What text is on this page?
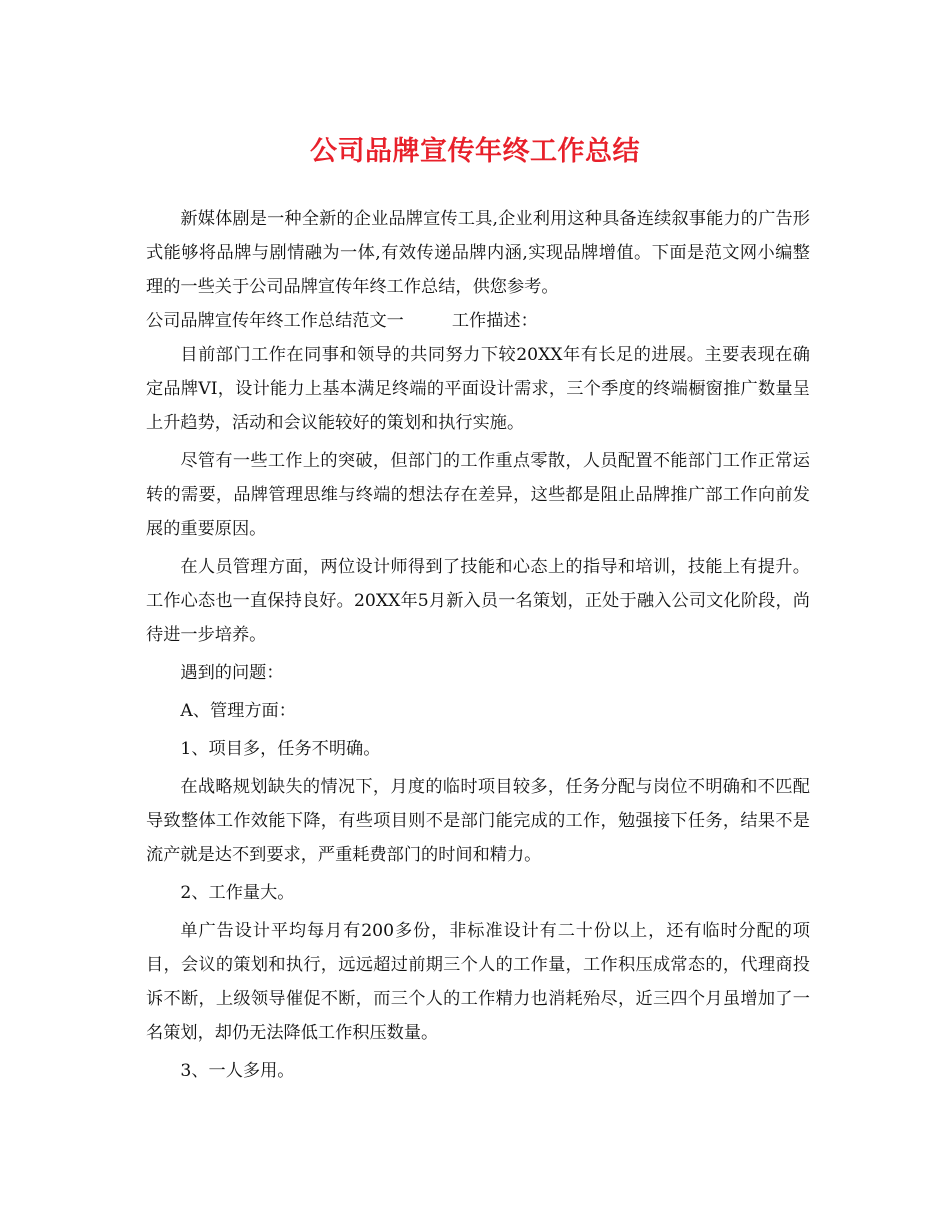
公司品牌宣传年终工作总结

新媒体剧是一种全新的企业品牌宣传工具,企业利用这种具备连续叙事能力的广告形式能够将品牌与剧情融为一体,有效传递品牌内涵,实现品牌增值。下面是范文网小编整理的一些关于公司品牌宣传年终工作总结，供您参考。

公司品牌宣传年终工作总结范文一	工作描述：

目前部门工作在同事和领导的共同努力下较20XX年有长足的进展。主要表现在确定品牌VI，设计能力上基本满足终端的平面设计需求，三个季度的终端橱窗推广数量呈上升趋势，活动和会议能较好的策划和执行实施。

尽管有一些工作上的突破，但部门的工作重点零散，人员配置不能部门工作正常运转的需要，品牌管理思维与终端的想法存在差异，这些都是阻止品牌推广部工作向前发展的重要原因。

在人员管理方面，两位设计师得到了技能和心态上的指导和培训，技能上有提升。工作心态也一直保持良好。20XX年5月新入员一名策划，正处于融入公司文化阶段，尚待进一步培养。

遇到的问题：

A、管理方面：

1、项目多，任务不明确。

在战略规划缺失的情况下，月度的临时项目较多，任务分配与岗位不明确和不匹配导致整体工作效能下降，有些项目则不是部门能完成的工作，勉强接下任务，结果不是流产就是达不到要求，严重耗费部门的时间和精力。

2、工作量大。

单广告设计平均每月有200多份，非标准设计有二十份以上，还有临时分配的项目，会议的策划和执行，远远超过前期三个人的工作量，工作积压成常态的，代理商投诉不断，上级领导催促不断，而三个人的工作精力也消耗殆尽，近三四个月虽增加了一名策划，却仍无法降低工作积压数量。

3、一人多用。
